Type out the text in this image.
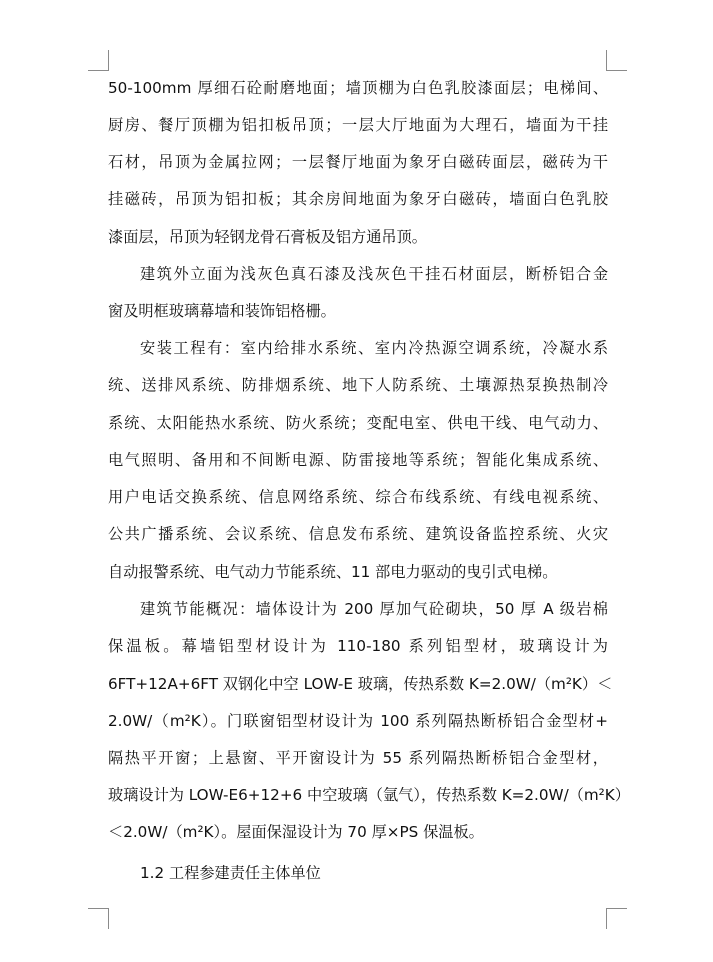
50-100mm 厚细石砼耐磨地面；墙顶棚为白色乳胶漆面层；电梯间、

厨房、餐厅顶棚为铝扣板吊顶；一层大厅地面为大理石，墙面为干挂

石材，吊顶为金属拉网；一层餐厅地面为象牙白磁砖面层，磁砖为干

挂磁砖，吊顶为铝扣板；其余房间地面为象牙白磁砖，墙面白色乳胶

漆面层，吊顶为轻钢龙骨石膏板及铝方通吊顶。

建筑外立面为浅灰色真石漆及浅灰色干挂石材面层，断桥铝合金

窗及明框玻璃幕墙和装饰铝格栅。

安装工程有：室内给排水系统、室内冷热源空调系统，冷凝水系

统、送排风系统、防排烟系统、地下人防系统、土壤源热泵换热制冷

系统、太阳能热水系统、防火系统；变配电室、供电干线、电气动力、

电气照明、备用和不间断电源、防雷接地等系统；智能化集成系统、

用户电话交换系统、信息网络系统、综合布线系统、有线电视系统、

公共广播系统、会议系统、信息发布系统、建筑设备监控系统、火灾

自动报警系统、电气动力节能系统、11 部电力驱动的曳引式电梯。

建筑节能概况：墙体设计为 200 厚加气砼砌块，50 厚 A 级岩棉

保温板。幕墙铝型材设计为 110-180 系列铝型材，玻璃设计为

6FT+12A+6FT 双钢化中空 LOW-E 玻璃，传热系数 K=2.0W/（m²K）＜

2.0W/（m²K）。门联窗铝型材设计为 100 系列隔热断桥铝合金型材+

隔热平开窗；上悬窗、平开窗设计为 55 系列隔热断桥铝合金型材，

玻璃设计为 LOW-E6+12+6 中空玻璃（氩气），传热系数 K=2.0W/（m²K）

＜2.0W/（m²K）。屋面保湿设计为 70 厚×PS 保温板。

1.2 工程参建责任主体单位
